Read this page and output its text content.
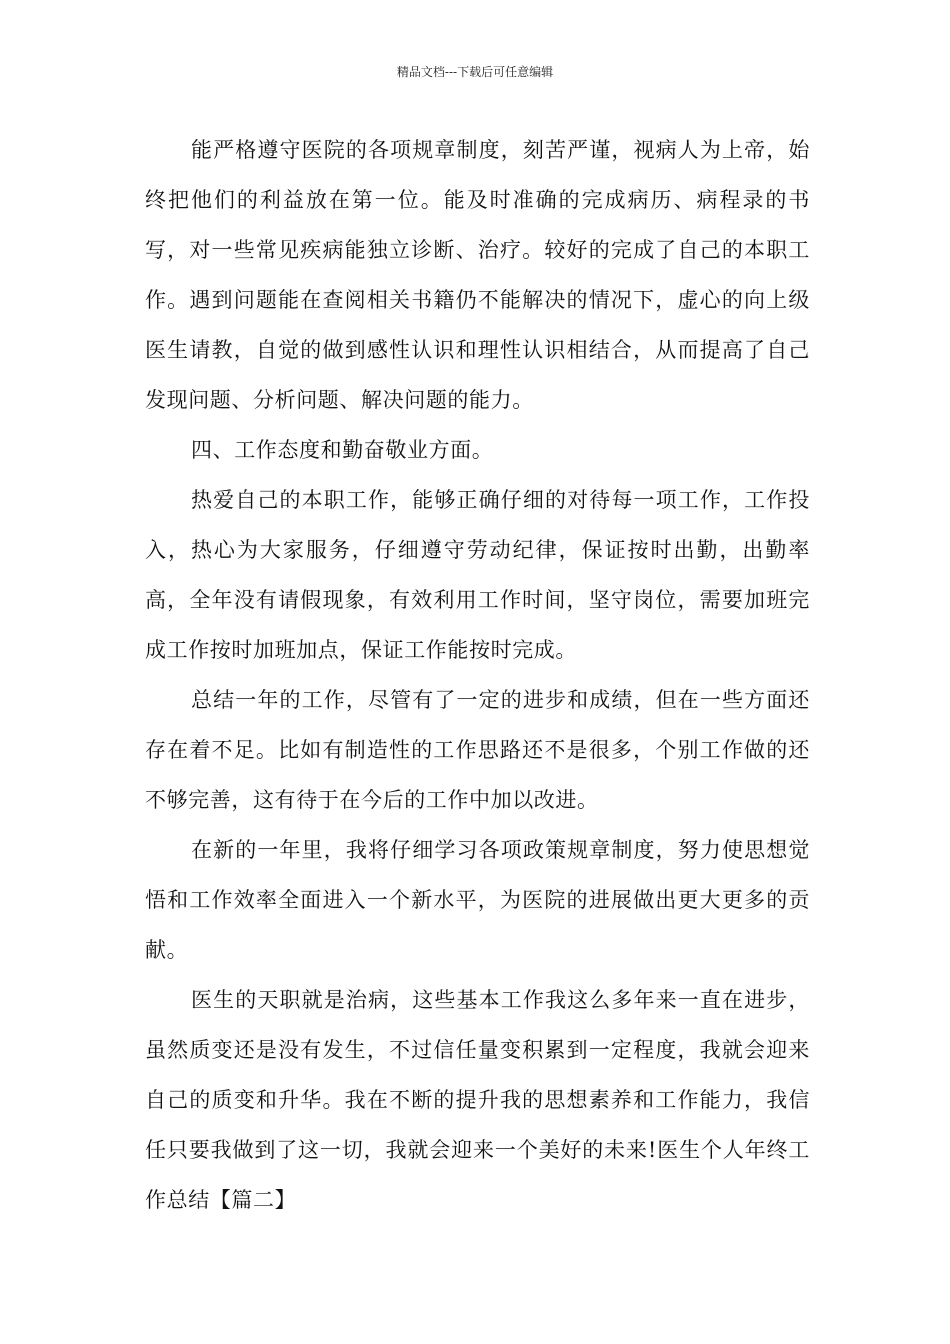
精品文档---下载后可任意编辑

能严格遵守医院的各项规章制度，刻苦严谨，视病人为上帝，始终把他们的利益放在第一位。能及时准确的完成病历、病程录的书写，对一些常见疾病能独立诊断、治疗。较好的完成了自己的本职工作。遇到问题能在查阅相关书籍仍不能解决的情况下，虚心的向上级医生请教，自觉的做到感性认识和理性认识相结合，从而提高了自己发现问题、分析问题、解决问题的能力。

四、工作态度和勤奋敬业方面。

热爱自己的本职工作，能够正确仔细的对待每一项工作，工作投入，热心为大家服务，仔细遵守劳动纪律，保证按时出勤，出勤率高，全年没有请假现象，有效利用工作时间，坚守岗位，需要加班完成工作按时加班加点，保证工作能按时完成。

总结一年的工作，尽管有了一定的进步和成绩，但在一些方面还存在着不足。比如有制造性的工作思路还不是很多，个别工作做的还不够完善，这有待于在今后的工作中加以改进。

在新的一年里，我将仔细学习各项政策规章制度，努力使思想觉悟和工作效率全面进入一个新水平，为医院的进展做出更大更多的贡献。

医生的天职就是治病，这些基本工作我这么多年来一直在进步，虽然质变还是没有发生，不过信任量变积累到一定程度，我就会迎来自己的质变和升华。我在不断的提升我的思想素养和工作能力，我信任只要我做到了这一切，我就会迎来一个美好的未来!医生个人年终工作总结【篇二】
